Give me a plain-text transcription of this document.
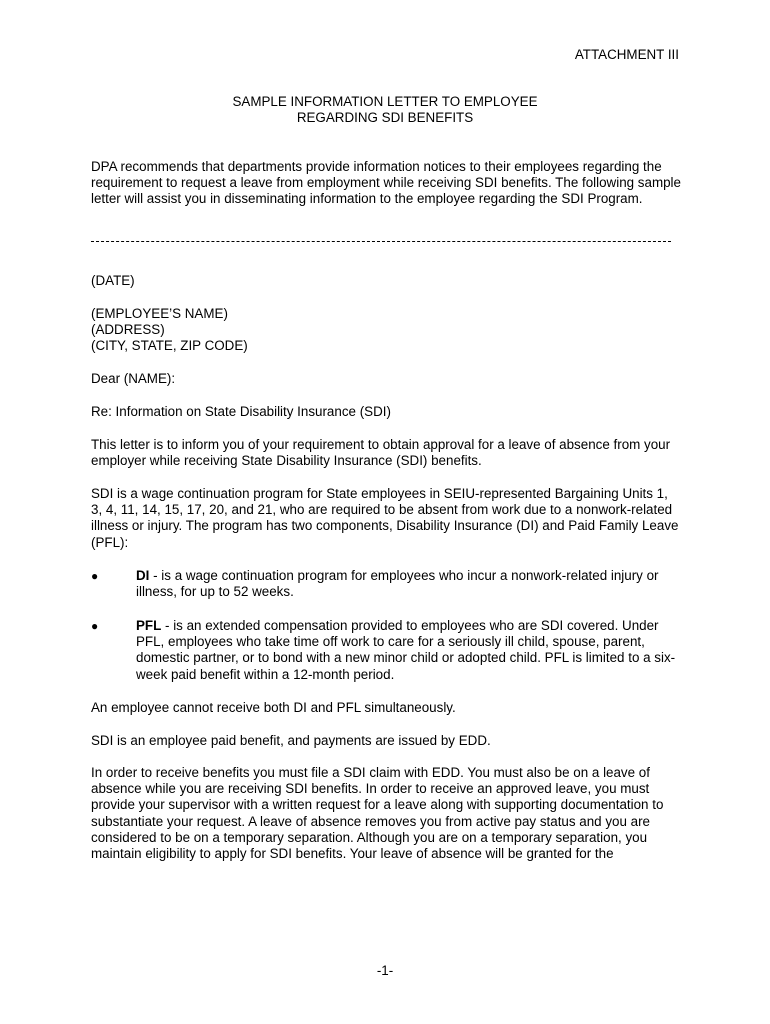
ATTACHMENT III
SAMPLE INFORMATION LETTER TO EMPLOYEE
REGARDING SDI BENEFITS
DPA recommends that departments provide information notices to their employees regarding the requirement to request a leave from employment while receiving SDI benefits. The following sample letter will assist you in disseminating information to the employee regarding the SDI Program.
(DATE)
(EMPLOYEE’S NAME)
(ADDRESS)
(CITY, STATE, ZIP CODE)
Dear (NAME):
Re: Information on State Disability Insurance (SDI)
This letter is to inform you of your requirement to obtain approval for a leave of absence from your employer while receiving State Disability Insurance (SDI) benefits.
SDI is a wage continuation program for State employees in SEIU-represented Bargaining Units 1, 3, 4, 11, 14, 15, 17, 20, and 21, who are required to be absent from work due to a nonwork-related illness or injury. The program has two components, Disability Insurance (DI) and Paid Family Leave (PFL):
●	DI - is a wage continuation program for employees who incur a nonwork-related injury or illness, for up to 52 weeks.
●	PFL - is an extended compensation provided to employees who are SDI covered. Under PFL, employees who take time off work to care for a seriously ill child, spouse, parent, domestic partner, or to bond with a new minor child or adopted child. PFL is limited to a six-week paid benefit within a 12-month period.
An employee cannot receive both DI and PFL simultaneously.
SDI is an employee paid benefit, and payments are issued by EDD.
In order to receive benefits you must file a SDI claim with EDD. You must also be on a leave of absence while you are receiving SDI benefits. In order to receive an approved leave, you must provide your supervisor with a written request for a leave along with supporting documentation to substantiate your request. A leave of absence removes you from active pay status and you are considered to be on a temporary separation. Although you are on a temporary separation, you maintain eligibility to apply for SDI benefits. Your leave of absence will be granted for the
-1-
